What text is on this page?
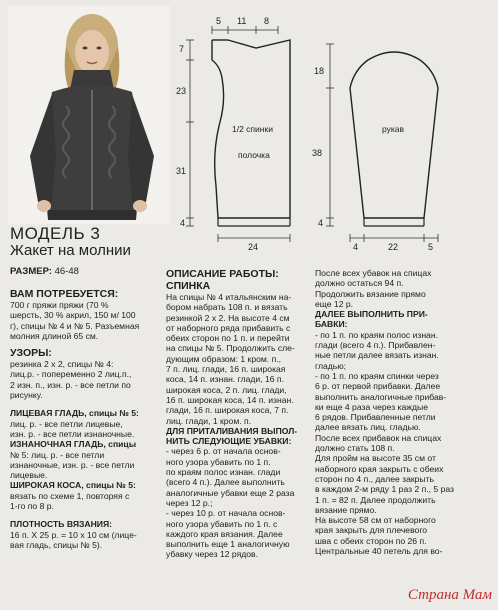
5 11 8
7
23
31
4
24
1/2 спинки
полочка
18
38
4
4	22	5
рукав
МОДЕЛЬ 3
Жакет на молнии
РАЗМЕР: 46-48
ВАМ ПОТРЕБУЕТСЯ:
700 г пряжи пряжи (70 %
шерсть, 30 % акрил, 150 м/ 100
г), спицы № 4 и № 5. Разъемная
молния длиной 65 см.
УЗОРЫ:
резинка 2 x 2, спицы № 4:
лиц.р. - попеременно 2 лиц.п.,
2 изн. п., изн. р. - все петли по
рисунку.
ЛИЦЕВАЯ ГЛАДЬ, спицы № 5:
лиц. р. - все петли лицевые,
изн. р. - все петли изнаночные.
ИЗНАНОЧНАЯ ГЛАДЬ, спицы
№ 5: лиц. р. - все петли
изнаночные, изн. р. - все петли
лицевые.
ШИРОКАЯ КОСА, спицы № 5:
вязать по схеме 1, повторяя с
1-го по 8 р.
ПЛОТНОСТЬ ВЯЗАНИЯ:
16 п. X 25 р. = 10 x 10 см (лице-
вая гладь, спицы № 5).
ОПИСАНИЕ РАБОТЫ:
СПИНКА
На спицы № 4 итальянским на-
бором набрать 108 п. и вязать
резинкой 2 x 2. На высоте 4 см
от наборного ряда прибавить с
обеих сторон по 1 п. и перейти
на спицы № 5. Продолжить сле-
дующим образом: 1 кром. п.,
7 п. лиц. глади, 16 п. широкая
коса, 14 п. изнан. глади, 16 п.
широкая коса, 2 п. лиц. глади,
16 п. широкая коса, 14 п. изнан.
глади, 16 п. широкая коса, 7 п.
лиц. глади, 1 кром. п.
ДЛЯ ПРИТАЛИВАНИЯ ВЫПОЛ-
НИТЬ СЛЕДУЮЩИЕ УБАВКИ:
- через 6 р. от начала основ-
ного узора убавить по 1 п.
по краям полос изнан. глади
(всего 4 п.). Далее выполнить
аналогичные убавки еще 2 раза
через 12 р.;
- через 10 р. от начала основ-
ного узора убавить по 1 п. с
каждого края вязания. Далее
выполнить еще 1 аналогичную
убавку через 12 рядов.
После всех убавок на спицах
должно остаться 94 п.
Продолжить вязание прямо
еще 12 р.
ДАЛЕЕ ВЫПОЛНИТЬ ПРИ-
БАВКИ:
- по 1 п. по краям полос изнан.
глади (всего 4 п.). Прибавлен-
ные петли далее вязать изнан.
гладью;
- по 1 п. по краям спинки через
6 р. от первой прибавки. Далее
выполнить аналогичные прибав-
ки еще 4 раза через каждые
6 рядов. Прибавленные петли
далее вязать лиц. гладью.
После всех прибавок на спицах
должно стать 108 п.
Для пройм на высоте 35 см от
наборного края закрыть с обеих
сторон по 4 п., далее закрыть
в каждом 2-м ряду 1 раз 2 п., 5 раз
1 п. = 82 п. Далее продолжить
вязание прямо.
На высоте 58 см от наборного
края закрыть для плечевого
шва с обеих сторон по 26 п.
Центральные 40 петель для во-
Страна Мам
